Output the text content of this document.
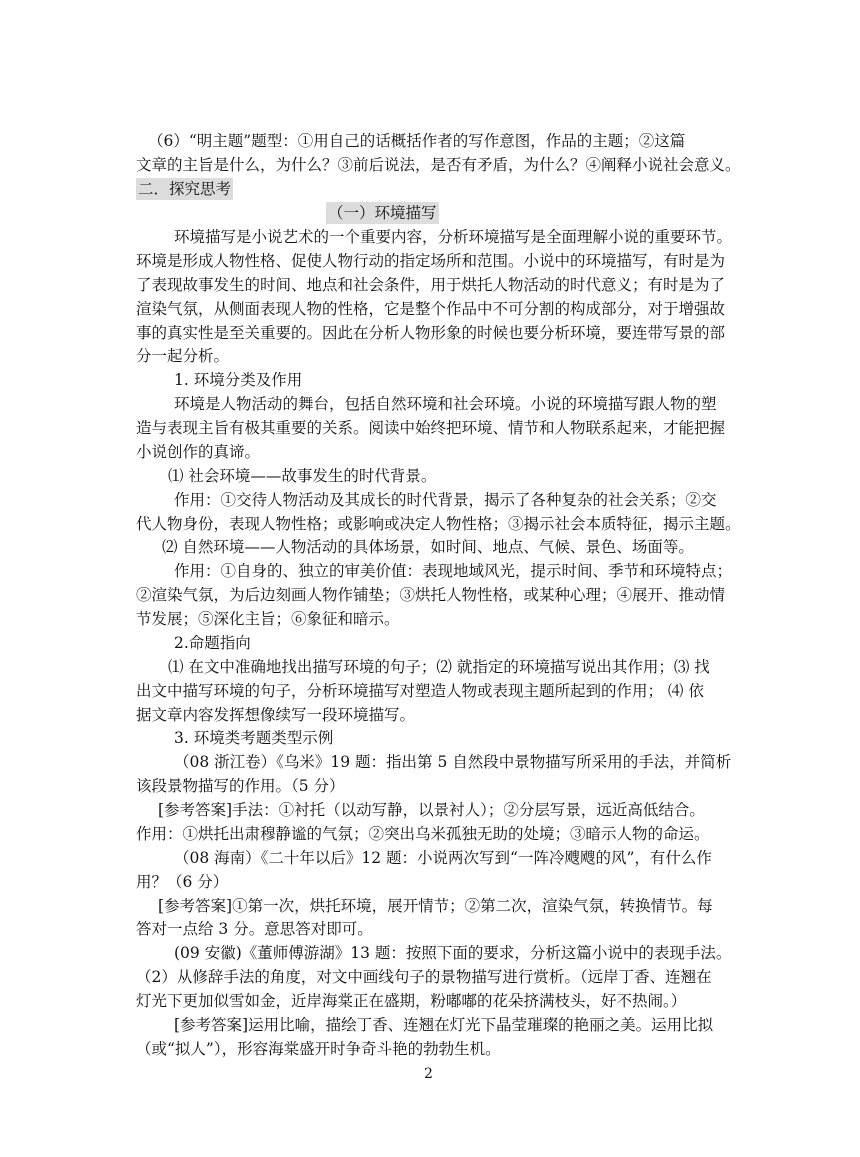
（6）“明主题”题型：①用自己的话概括作者的写作意图，作品的主题；②这篇
文章的主旨是什么，为什么？③前后说法，是否有矛盾，为什么？④阐释小说社会意义。
二．探究思考
（一）环境描写
环境描写是小说艺术的一个重要内容，分析环境描写是全面理解小说的重要环节。
环境是形成人物性格、促使人物行动的指定场所和范围。小说中的环境描写，有时是为
了表现故事发生的时间、地点和社会条件，用于烘托人物活动的时代意义；有时是为了
渲染气氛，从侧面表现人物的性格，它是整个作品中不可分割的构成部分，对于增强故
事的真实性是至关重要的。因此在分析人物形象的时候也要分析环境，要连带写景的部
分一起分析。
1. 环境分类及作用
环境是人物活动的舞台，包括自然环境和社会环境。小说的环境描写跟人物的塑
造与表现主旨有极其重要的关系。阅读中始终把环境、情节和人物联系起来，才能把握
小说创作的真谛。
⑴ 社会环境——故事发生的时代背景。
作用：①交待人物活动及其成长的时代背景，揭示了各种复杂的社会关系；②交
代人物身份，表现人物性格；或影响或决定人物性格；③揭示社会本质特征，揭示主题。
⑵ 自然环境——人物活动的具体场景，如时间、地点、气候、景色、场面等。
作用：①自身的、独立的审美价值：表现地域风光，提示时间、季节和环境特点；
②渲染气氛，为后边刻画人物作铺垫；③烘托人物性格，或某种心理；④展开、推动情
节发展；⑤深化主旨；⑥象征和暗示。
2.命题指向
⑴ 在文中准确地找出描写环境的句子；⑵ 就指定的环境描写说出其作用；⑶ 找
出文中描写环境的句子，分析环境描写对塑造人物或表现主题所起到的作用； ⑷ 依
据文章内容发挥想像续写一段环境描写。
3. 环境类考题类型示例
（08 浙江卷）《乌米》19 题：指出第 5 自然段中景物描写所采用的手法，并简析
该段景物描写的作用。（5 分）
[参考答案]手法：①衬托（以动写静，以景衬人）；②分层写景，远近高低结合。
作用：①烘托出肃穆静谧的气氛；②突出乌米孤独无助的处境；③暗示人物的命运。
（08 海南）《二十年以后》12 题：小说两次写到“一阵冷飕飕的风”，有什么作
用？（6 分）
[参考答案]①第一次，烘托环境，展开情节；②第二次，渲染气氛，转换情节。每
答对一点给 3 分。意思答对即可。
(09 安徽)《董师傅游湖》13 题：按照下面的要求，分析这篇小说中的表现手法。
（2）从修辞手法的角度，对文中画线句子的景物描写进行赏析。（远岸丁香、连翘在
灯光下更加似雪如金，近岸海棠正在盛期，粉嘟嘟的花朵挤满枝头，好不热闹。）
[参考答案]运用比喻，描绘丁香、连翘在灯光下晶莹璀璨的艳丽之美。运用比拟
（或“拟人”），形容海棠盛开时争奇斗艳的勃勃生机。
2
